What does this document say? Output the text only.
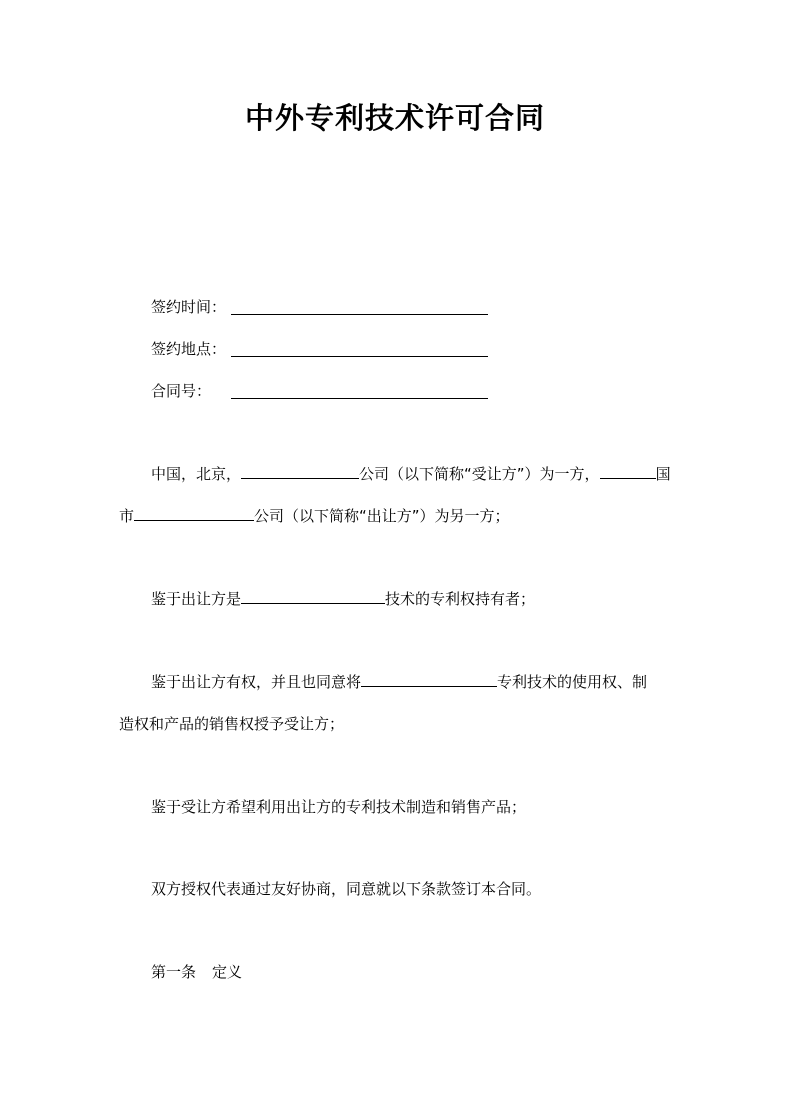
中外专利技术许可合同
签约时间：
签约地点：
合同号：
中国，北京，	公司（以下简称“受让方”）为一方，	国
市	公司（以下简称“出让方”）为另一方；
鉴于出让方是	技术的专利权持有者；
鉴于出让方有权，并且也同意将	专利技术的使用权、制
造权和产品的销售权授予受让方；
鉴于受让方希望利用出让方的专利技术制造和销售产品；
双方授权代表通过友好协商，同意就以下条款签订本合同。
第一条 定义
